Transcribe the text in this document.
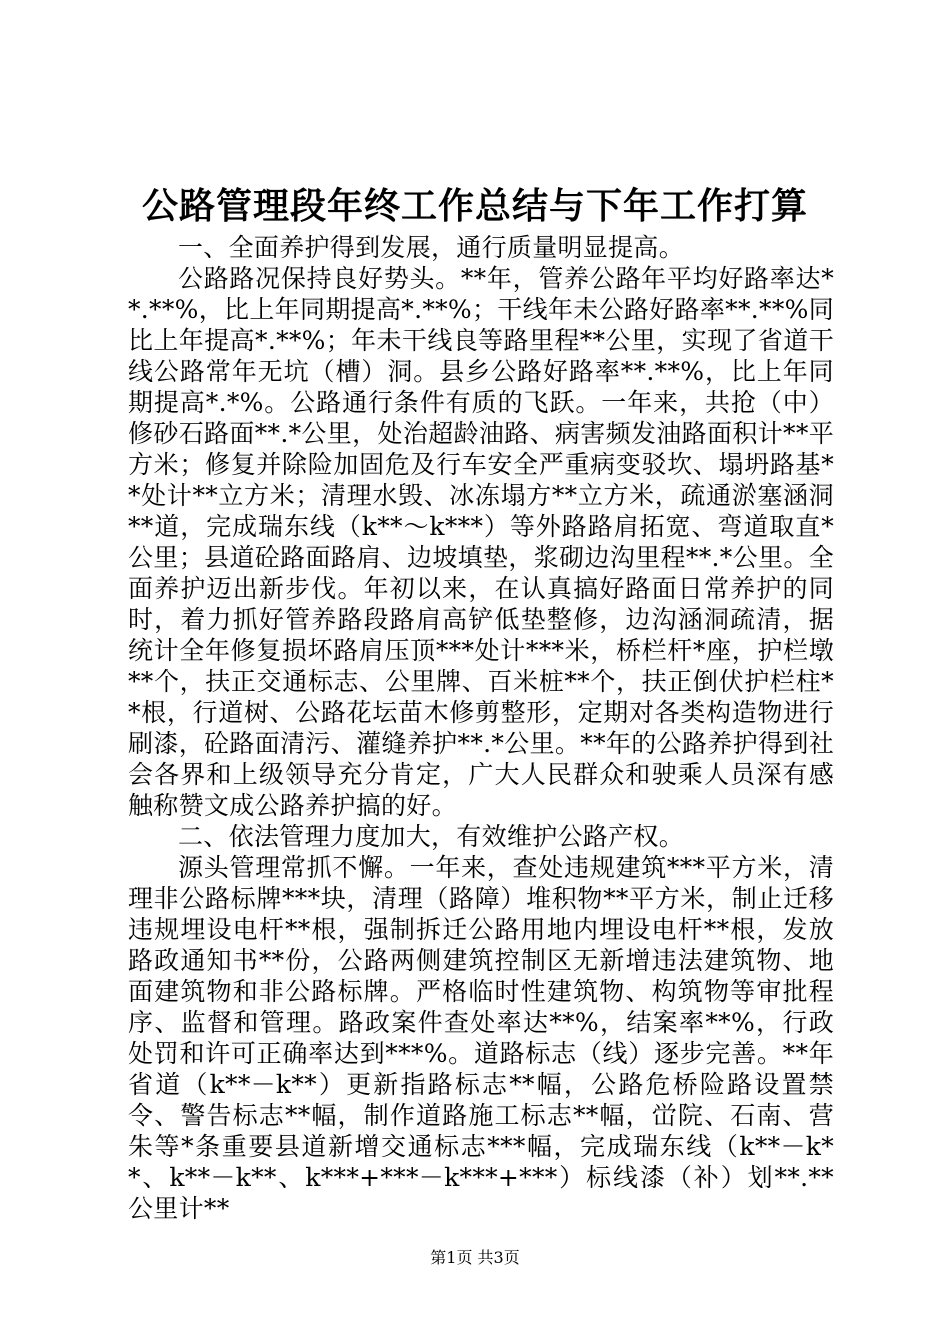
公路管理段年终工作总结与下年工作打算

一、全面养护得到发展，通行质量明显提高。

公路路况保持良好势头。**年，管养公路年平均好路率达**.**%，比上年同期提高*.**%；干线年未公路好路率**.**%同比上年提高*.**%；年未干线良等路里程**公里，实现了省道干线公路常年无坑（槽）洞。县乡公路好路率**.**%，比上年同期提高*.*%。公路通行条件有质的飞跃。一年来，共抢（中）修砂石路面**.*公里，处治超龄油路、病害频发油路面积计**平方米；修复并除险加固危及行车安全严重病变驳坎、塌坍路基**处计**立方米；清理水毁、冰冻塌方**立方米，疏通淤塞涵洞**道，完成瑞东线（k**～k***）等外路路肩拓宽、弯道取直*公里；县道砼路面路肩、边坡填垫，浆砌边沟里程**.*公里。全面养护迈出新步伐。年初以来，在认真搞好路面日常养护的同时，着力抓好管养路段路肩高铲低垫整修，边沟涵洞疏清，据统计全年修复损坏路肩压顶***处计***米，桥栏杆*座，护栏墩**个，扶正交通标志、公里牌、百米桩**个，扶正倒伏护栏柱**根，行道树、公路花坛苗木修剪整形，定期对各类构造物进行刷漆，砼路面清污、灌缝养护**.*公里。**年的公路养护得到社会各界和上级领导充分肯定，广大人民群众和驶乘人员深有感触称赞文成公路养护搞的好。

二、依法管理力度加大，有效维护公路产权。

源头管理常抓不懈。一年来，查处违规建筑***平方米，清理非公路标牌***块，清理（路障）堆积物**平方米，制止迁移违规埋设电杆**根，强制拆迁公路用地内埋设电杆**根，发放路政通知书**份，公路两侧建筑控制区无新增违法建筑物、地面建筑物和非公路标牌。严格临时性建筑物、构筑物等审批程序、监督和管理。路政案件查处率达**%，结案率**%，行政处罚和许可正确率达到***%。道路标志（线）逐步完善。**年省道（k**－k**）更新指路标志**幅，公路危桥险路设置禁令、警告标志**幅，制作道路施工标志**幅，峃院、石南、营朱等*条重要县道新增交通标志***幅，完成瑞东线（k**－k**、k**－k**、k***+***－k***+***）标线漆（补）划**.**公里计**

第1页 共3页
